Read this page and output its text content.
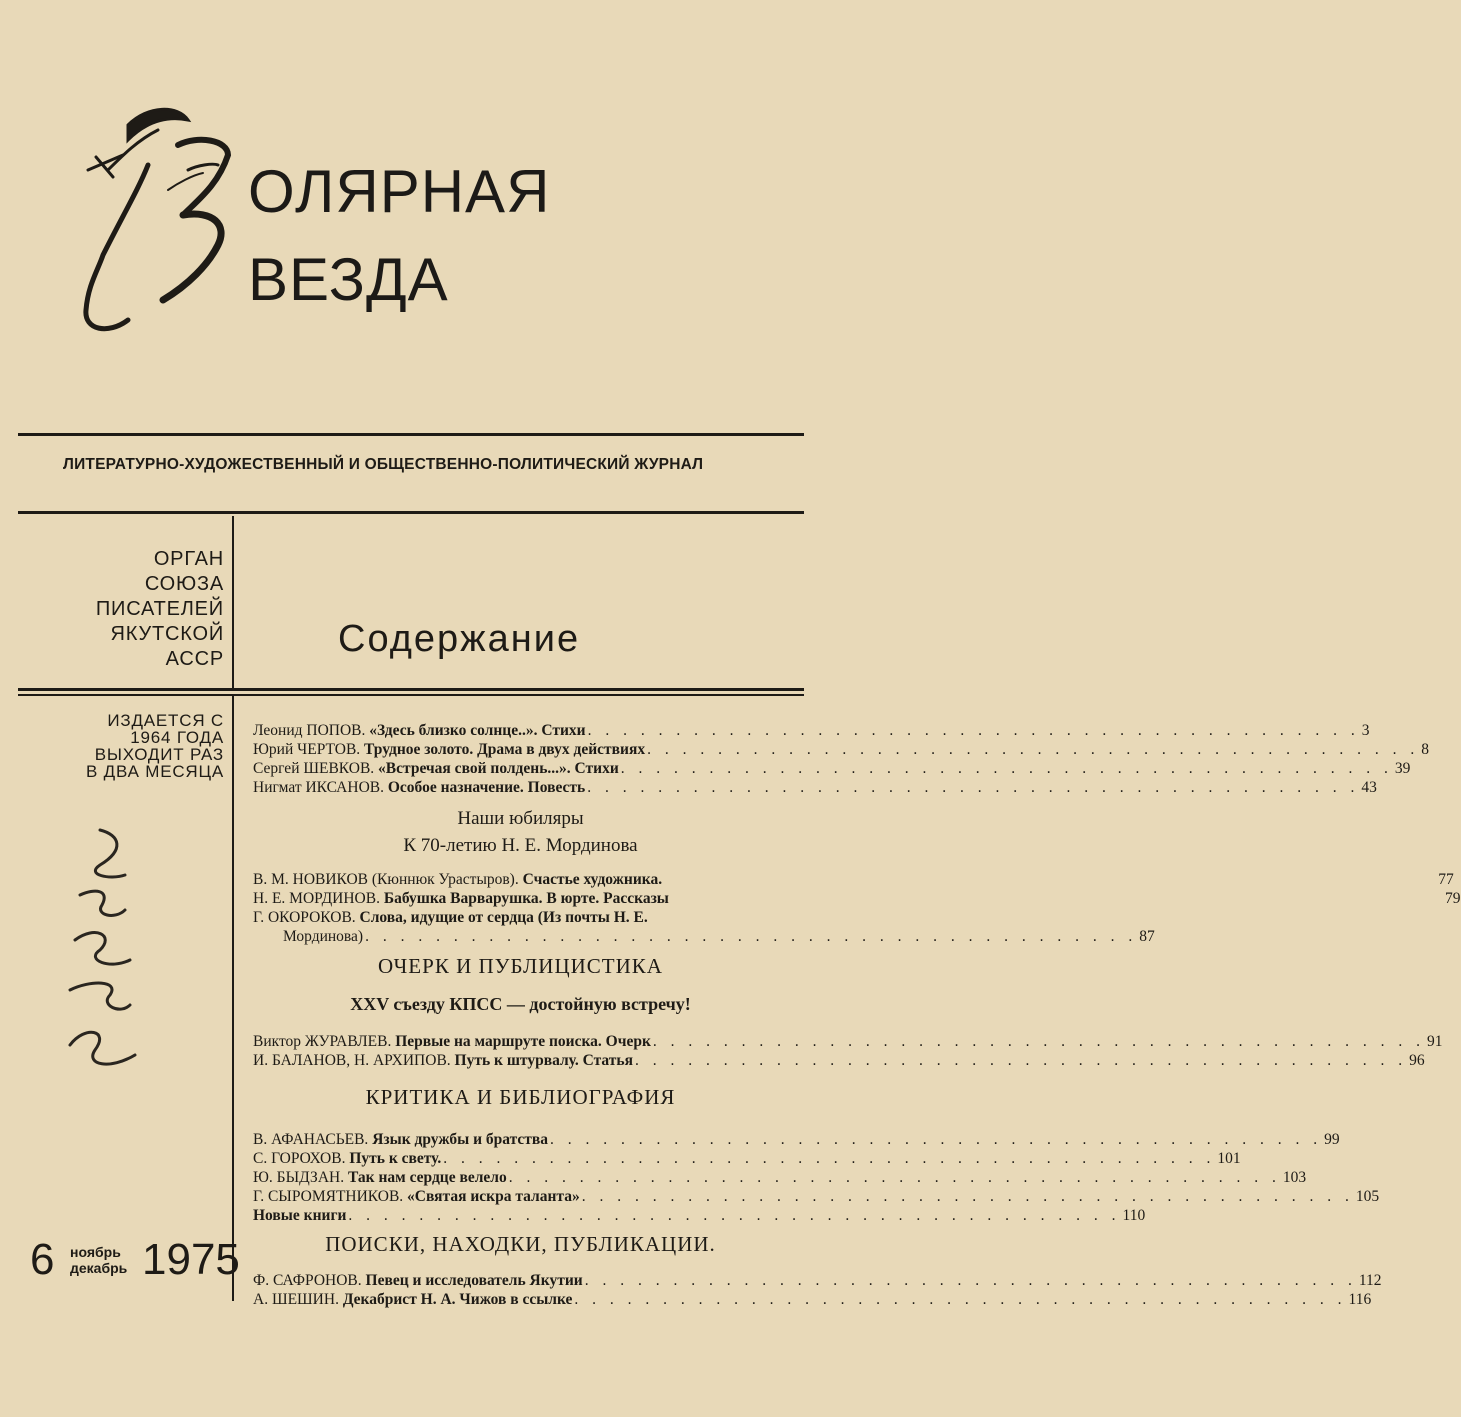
ОЛЯРНАЯ
ВЕЗДА
ЛИТЕРАТУРНО-ХУДОЖЕСТВЕННЫЙ И ОБЩЕСТВЕННО-ПОЛИТИЧЕСКИЙ ЖУРНАЛ
ОРГАН
СОЮЗА
ПИСАТЕЛЕЙ
ЯКУТСКОЙ
АССР	Содержание
ИЗДАЕТСЯ С
1964 ГОДА
ВЫХОДИТ РАЗ
В ДВА МЕСЯЦА
6 ноябрь
декабрь 1975
Леонид ПОПОВ. «Здесь близко солнце..». Стихи . . .	3
Юрий ЧЕРТОВ. Трудное золото. Драма в двух действиях . . .	8
Сергей ШЕВКОВ. «Встречая свой полдень...». Стихи . . .	39
Нигмат ИКСАНОВ. Особое назначение. Повесть . . .	43
Наши юбиляры
К 70-летию Н. Е. Мординова
В. М. НОВИКОВ (Кюннюк Урастыров). Счастье художника.	77
Н. Е. МОРДИНОВ. Бабушка Варварушка. В юрте. Рассказы	79
Г. ОКОРОКОВ. Слова, идущие от сердца (Из почты Н. Е.
Мординова) . . .	87
ОЧЕРК И ПУБЛИЦИСТИКА
XXV съезду КПСС — достойную встречу!
Виктор ЖУРАВЛЕВ. Первые на маршруте поиска. Очерк . . .	91
И. БАЛАНОВ, Н. АРХИПОВ. Путь к штурвалу. Статья . . .	96
КРИТИКА И БИБЛИОГРАФИЯ
В. АФАНАСЬЕВ. Язык дружбы и братства . . .	99
С. ГОРОХОВ. Путь к свету. . . .	101
Ю. БЫДЗАН. Так нам сердце велело . . .	103
Г. СЫРОМЯТНИКОВ. «Святая искра таланта» . . .	105
Новые книги . . .	110
ПОИСКИ, НАХОДКИ, ПУБЛИКАЦИИ.
Ф. САФРОНОВ. Певец и исследователь Якутии . . .	112
А. ШЕШИН. Декабрист Н. А. Чижов в ссылке . . .	116
